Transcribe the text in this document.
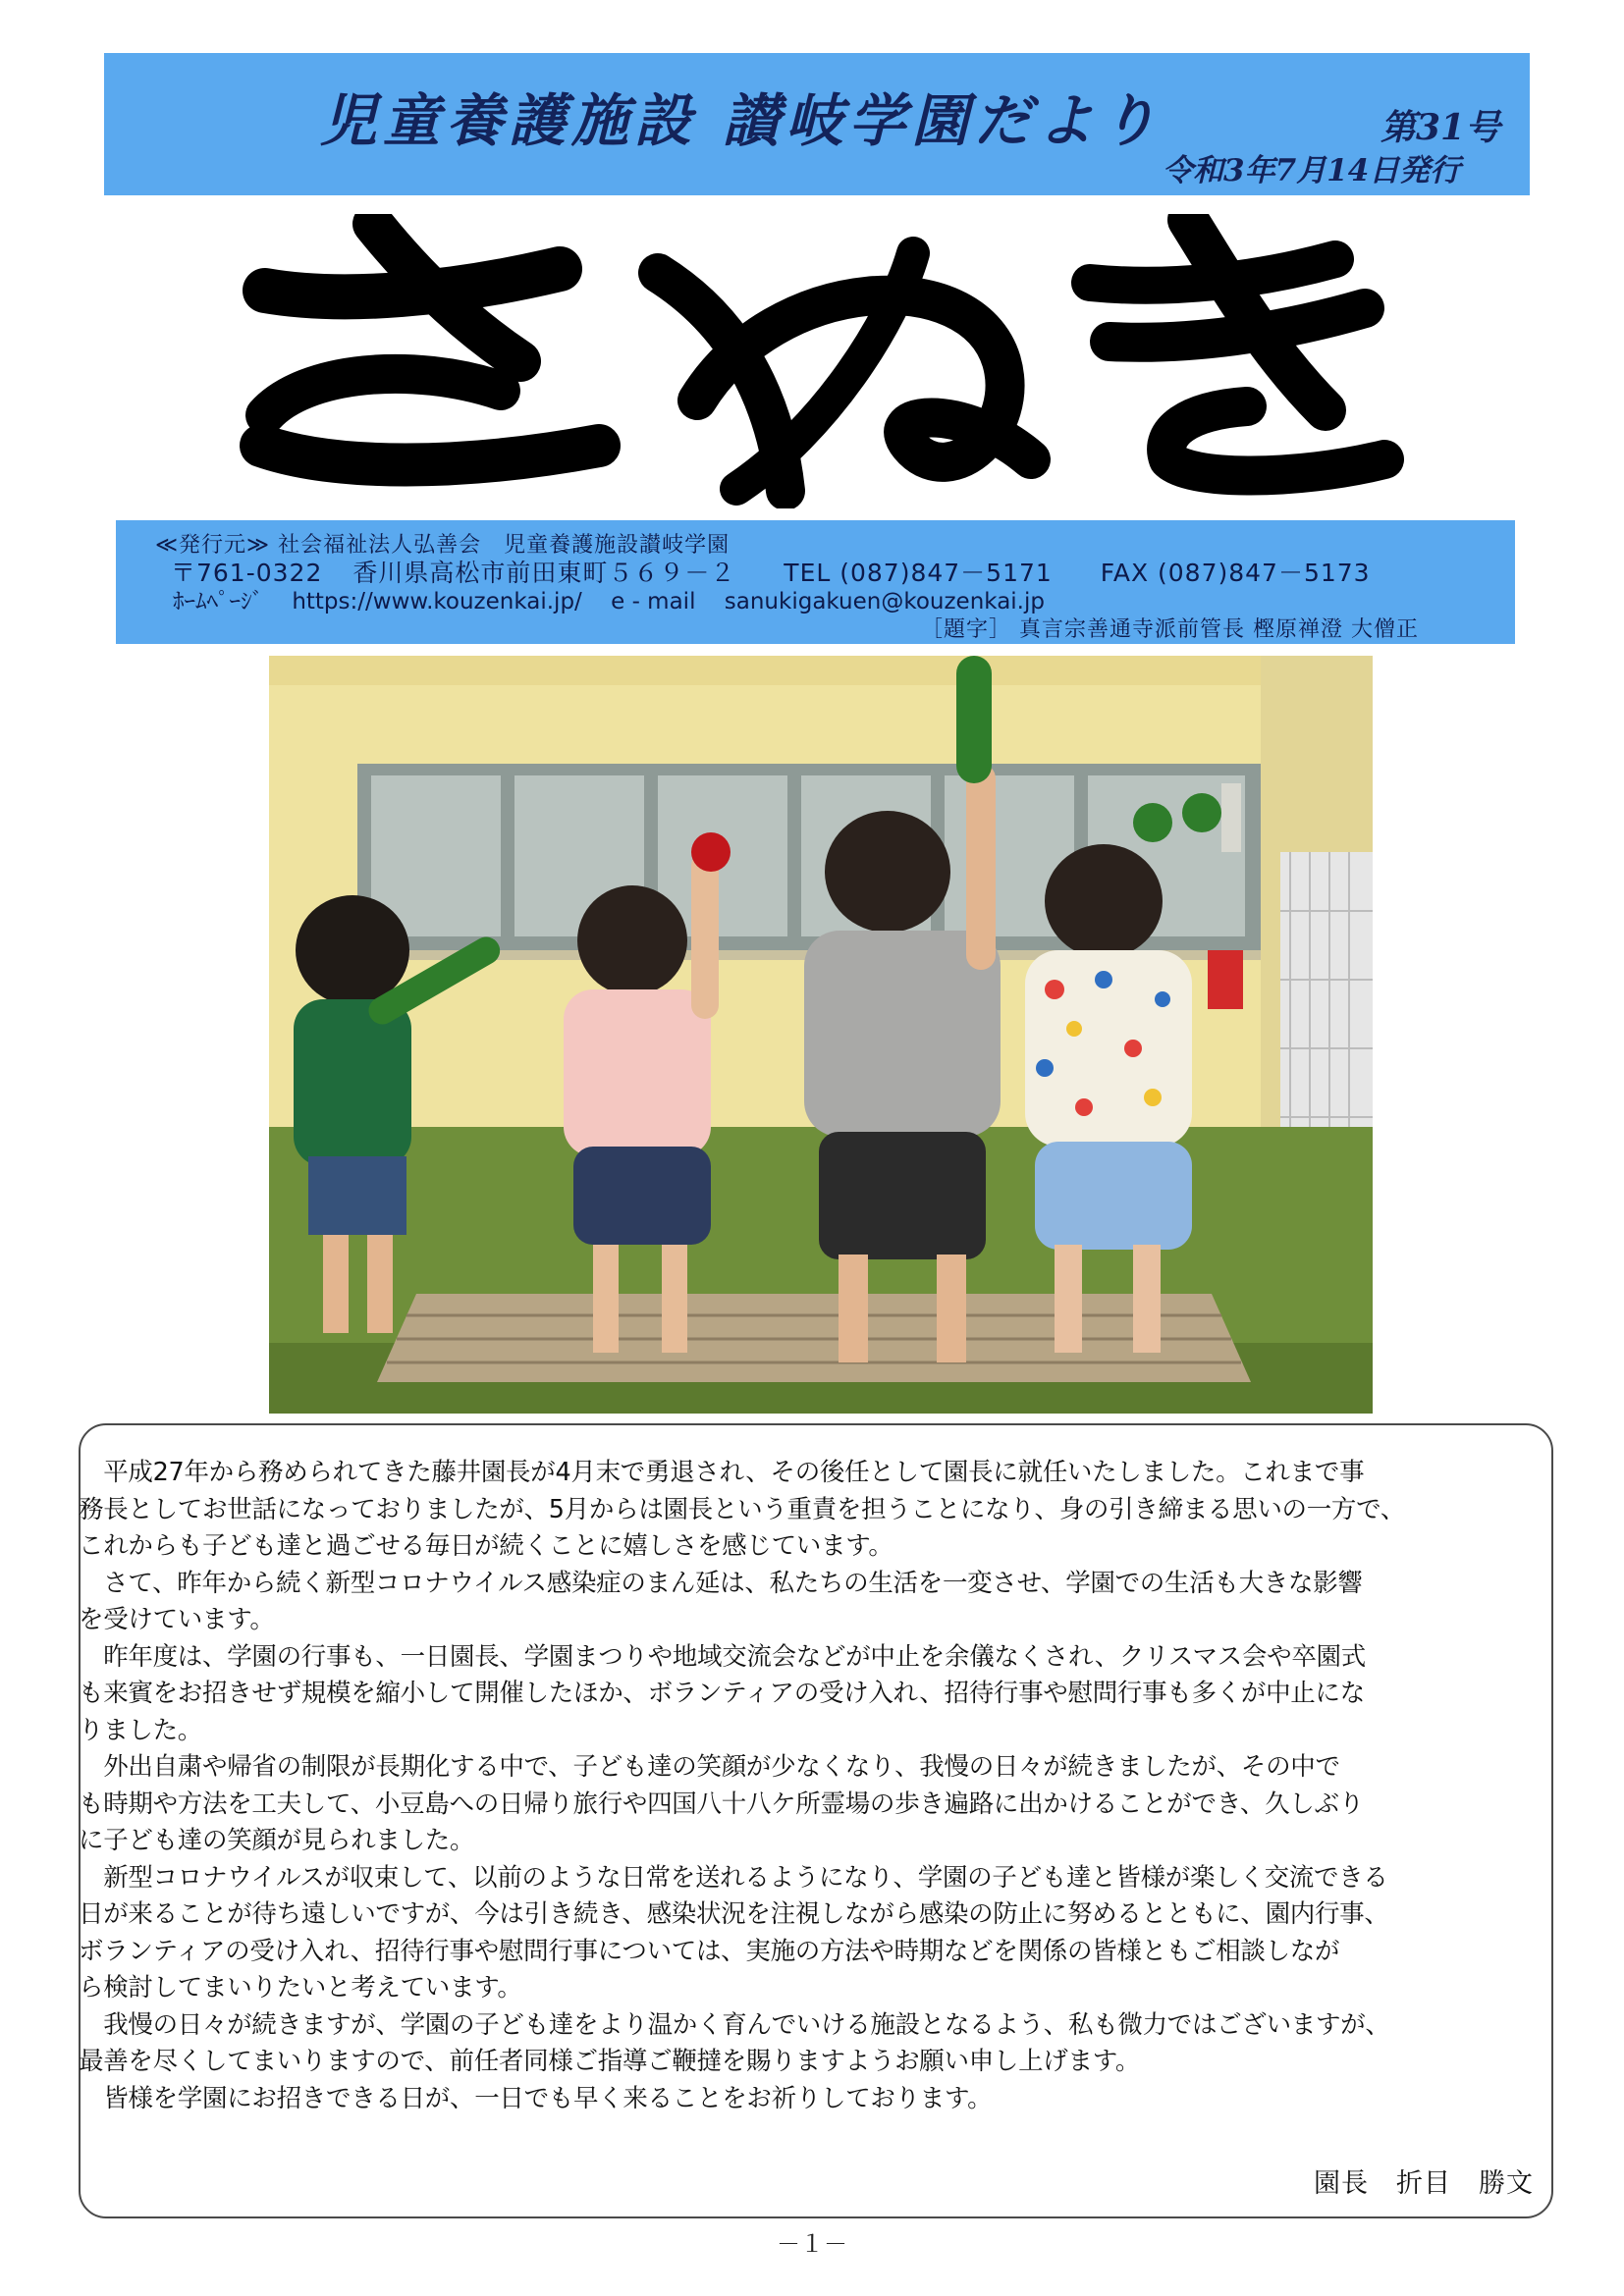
児童養護施設 讃岐学園だより	第31号
令和3年7月14日発行
≪発行元≫ 社会福祉法人弘善会　児童養護施設讃岐学園
〒761-0322 香川県高松市前田東町５６９－２ TEL (087)847－5171 FAX (087)847－5173
ﾎｰﾑﾍﾟｰｼﾞ https://www.kouzenkai.jp/ e - mail sanukigakuen@kouzenkai.jp
［題字］ 真言宗善通寺派前管長 樫原禅澄 大僧正

　平成27年から務められてきた藤井園長が4月末で勇退され、その後任として園長に就任いたしました。これまで事

務長としてお世話になっておりましたが、5月からは園長という重責を担うことになり、身の引き締まる思いの一方で、

これからも子ども達と過ごせる毎日が続くことに嬉しさを感じています。

　さて、昨年から続く新型コロナウイルス感染症のまん延は、私たちの生活を一変させ、学園での生活も大きな影響

を受けています。

　昨年度は、学園の行事も、一日園長、学園まつりや地域交流会などが中止を余儀なくされ、クリスマス会や卒園式

も来賓をお招きせず規模を縮小して開催したほか、ボランティアの受け入れ、招待行事や慰問行事も多くが中止にな

りました。

　外出自粛や帰省の制限が長期化する中で、子ども達の笑顔が少なくなり、我慢の日々が続きましたが、その中で

も時期や方法を工夫して、小豆島への日帰り旅行や四国八十八ケ所霊場の歩き遍路に出かけることができ、久しぶり

に子ども達の笑顔が見られました。

　新型コロナウイルスが収束して、以前のような日常を送れるようになり、学園の子ども達と皆様が楽しく交流できる

日が来ることが待ち遠しいですが、今は引き続き、感染状況を注視しながら感染の防止に努めるとともに、園内行事、

ボランティアの受け入れ、招待行事や慰問行事については、実施の方法や時期などを関係の皆様ともご相談しなが

ら検討してまいりたいと考えています。

　我慢の日々が続きますが、学園の子ども達をより温かく育んでいける施設となるよう、私も微力ではございますが、

最善を尽くしてまいりますので、前任者同様ご指導ご鞭撻を賜りますようお願い申し上げます。

　皆様を学園にお招きできる日が、一日でも早く来ることをお祈りしております。

園長　折目　勝文
－１－
